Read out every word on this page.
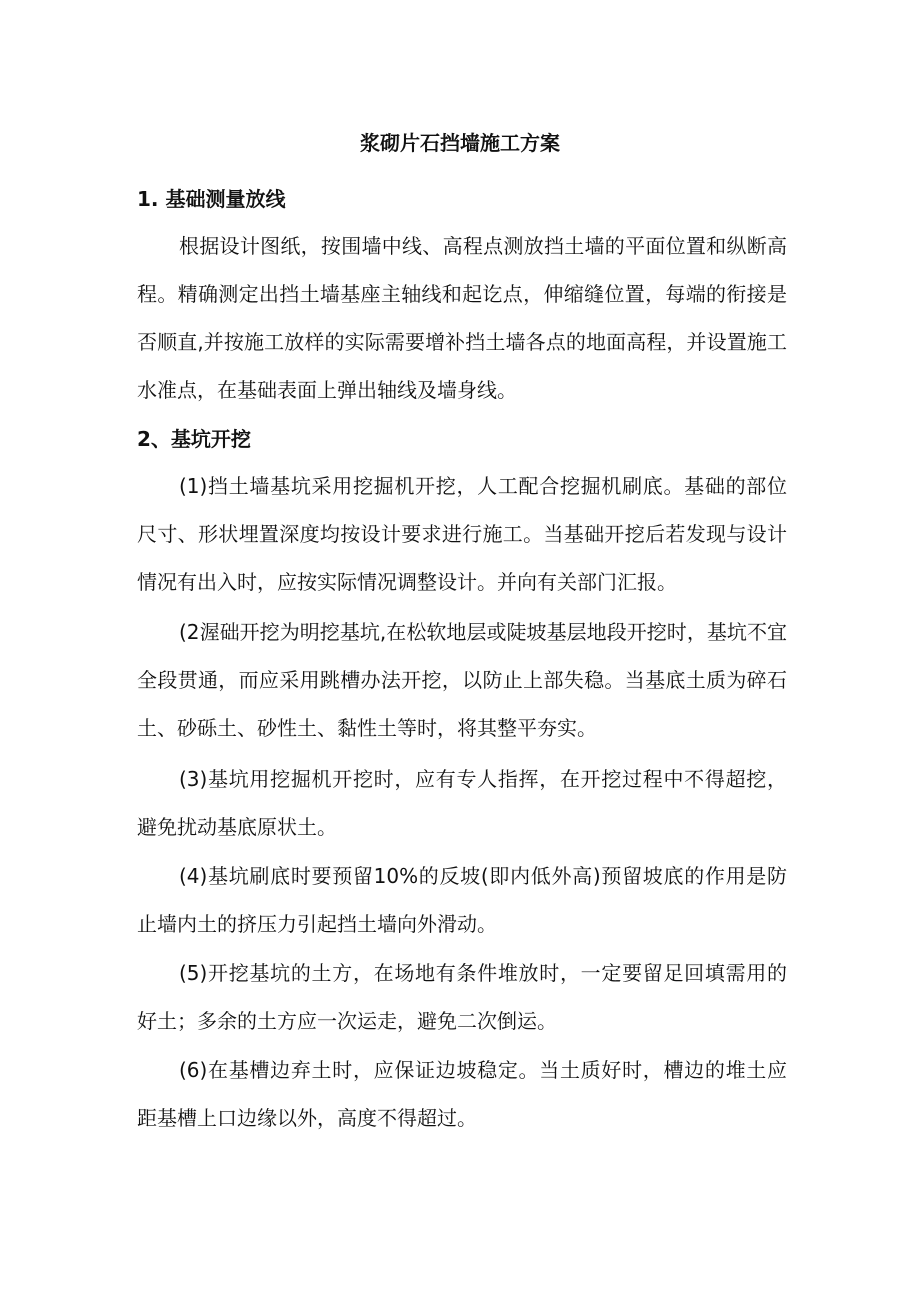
浆砌片石挡墙施工方案
1. 基础测量放线

根据设计图纸，按围墙中线、高程点测放挡土墙的平面位置和纵断高程。精确测定出挡土墙基座主轴线和起讫点，伸缩缝位置，每端的衔接是否顺直,并按施工放样的实际需要增补挡土墙各点的地面高程，并设置施工水准点，在基础表面上弹出轴线及墙身线。

2、基坑开挖

(1)挡土墙基坑采用挖掘机开挖，人工配合挖掘机刷底。基础的部位尺寸、形状埋置深度均按设计要求进行施工。当基础开挖后若发现与设计情况有出入时，应按实际情况调整设计。并向有关部门汇报。

(2渥础开挖为明挖基坑,在松软地层或陡坡基层地段开挖时，基坑不宜全段贯通，而应采用跳槽办法开挖，以防止上部失稳。当基底土质为碎石土、砂砾土、砂性土、黏性土等时，将其整平夯实。

(3)基坑用挖掘机开挖时，应有专人指挥，在开挖过程中不得超挖，避免扰动基底原状土。

(4)基坑刷底时要预留10%的反坡(即内低外高)预留坡底的作用是防止墙内土的挤压力引起挡土墙向外滑动。

(5)开挖基坑的土方，在场地有条件堆放时，一定要留足回填需用的好土；多余的土方应一次运走，避免二次倒运。

(6)在基槽边弃土时，应保证边坡稳定。当土质好时，槽边的堆土应距基槽上口边缘以外，高度不得超过。
